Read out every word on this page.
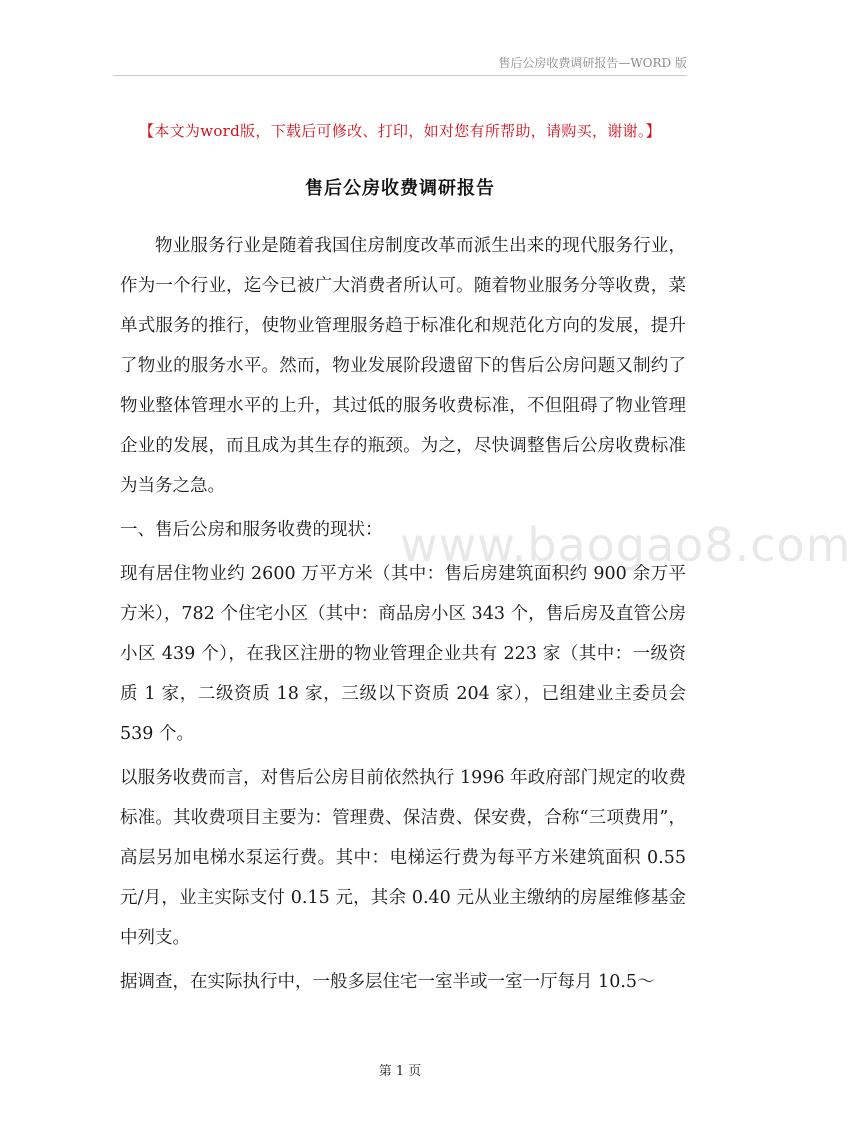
售后公房收费调研报告—WORD 版
【本文为word版，下载后可修改、打印，如对您有所帮助，请购买，谢谢。】
售后公房收费调研报告

物业服务行业是随着我国住房制度改革而派生出来的现代服务行业，作为一个行业，迄今已被广大消费者所认可。随着物业服务分等收费，菜单式服务的推行，使物业管理服务趋于标准化和规范化方向的发展，提升了物业的服务水平。然而，物业发展阶段遗留下的售后公房问题又制约了物业整体管理水平的上升，其过低的服务收费标准，不但阻碍了物业管理企业的发展，而且成为其生存的瓶颈。为之，尽快调整售后公房收费标准为当务之急。

一、售后公房和服务收费的现状：

现有居住物业约 2600 万平方米（其中：售后房建筑面积约 900 余万平方米），782 个住宅小区（其中：商品房小区 343 个，售后房及直管公房小区 439 个），在我区注册的物业管理企业共有 223 家（其中：一级资质 1 家，二级资质 18 家，三级以下资质 204 家），已组建业主委员会 539 个。

以服务收费而言，对售后公房目前依然执行 1996 年政府部门规定的收费标准。其收费项目主要为：管理费、保洁费、保安费，合称“三项费用”，高层另加电梯水泵运行费。其中：电梯运行费为每平方米建筑面积 0.55 元/月，业主实际支付 0.15 元，其余 0.40 元从业主缴纳的房屋维修基金中列支。

据调查，在实际执行中，一般多层住宅一室半或一室一厅每月 10.5～

www.baogao8.com
第 1 页
